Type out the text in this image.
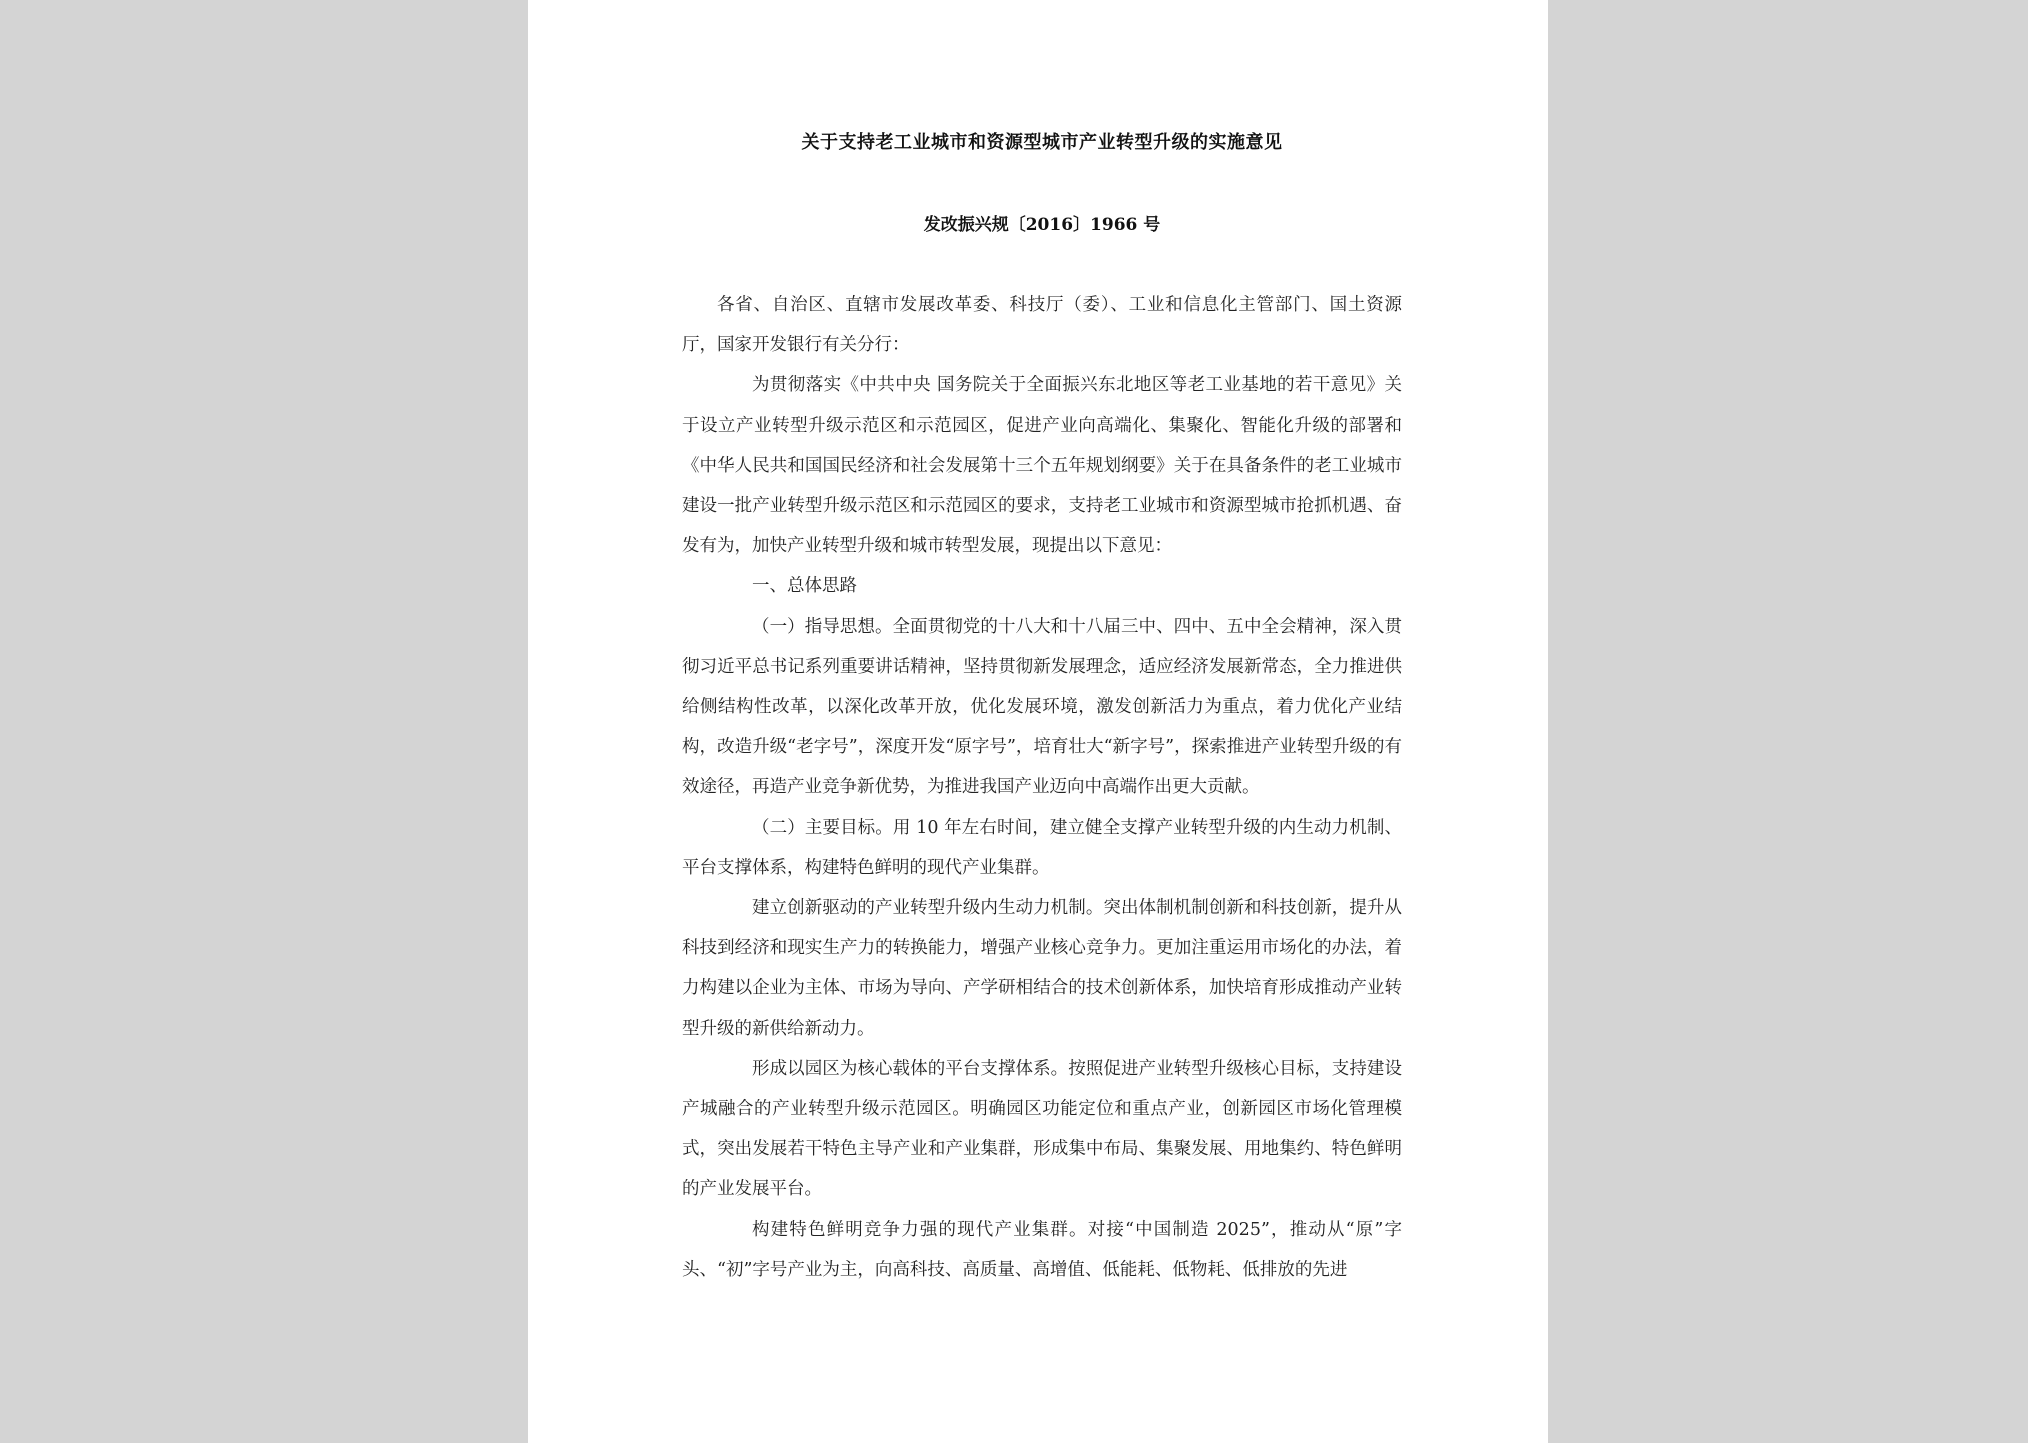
关于支持老工业城市和资源型城市产业转型升级的实施意见
发改振兴规〔2016〕1966 号

各省、自治区、直辖市发展改革委、科技厅（委）、工业和信息化主管部门、国土资源厅，国家开发银行有关分行：

为贯彻落实《中共中央 国务院关于全面振兴东北地区等老工业基地的若干意见》关于设立产业转型升级示范区和示范园区，促进产业向高端化、集聚化、智能化升级的部署和《中华人民共和国国民经济和社会发展第十三个五年规划纲要》关于在具备条件的老工业城市建设一批产业转型升级示范区和示范园区的要求，支持老工业城市和资源型城市抢抓机遇、奋发有为，加快产业转型升级和城市转型发展，现提出以下意见：

一、总体思路

（一）指导思想。全面贯彻党的十八大和十八届三中、四中、五中全会精神，深入贯彻习近平总书记系列重要讲话精神，坚持贯彻新发展理念，适应经济发展新常态，全力推进供给侧结构性改革，以深化改革开放，优化发展环境，激发创新活力为重点，着力优化产业结构，改造升级“老字号”，深度开发“原字号”，培育壮大“新字号”，探索推进产业转型升级的有效途径，再造产业竞争新优势，为推进我国产业迈向中高端作出更大贡献。

（二）主要目标。用 10 年左右时间，建立健全支撑产业转型升级的内生动力机制、平台支撑体系，构建特色鲜明的现代产业集群。

建立创新驱动的产业转型升级内生动力机制。突出体制机制创新和科技创新，提升从科技到经济和现实生产力的转换能力，增强产业核心竞争力。更加注重运用市场化的办法，着力构建以企业为主体、市场为导向、产学研相结合的技术创新体系，加快培育形成推动产业转型升级的新供给新动力。

形成以园区为核心载体的平台支撑体系。按照促进产业转型升级核心目标，支持建设产城融合的产业转型升级示范园区。明确园区功能定位和重点产业，创新园区市场化管理模式，突出发展若干特色主导产业和产业集群，形成集中布局、集聚发展、用地集约、特色鲜明的产业发展平台。

构建特色鲜明竞争力强的现代产业集群。对接“中国制造 2025”，推动从“原”字头、“初”字号产业为主，向高科技、高质量、高增值、低能耗、低物耗、低排放的先进
